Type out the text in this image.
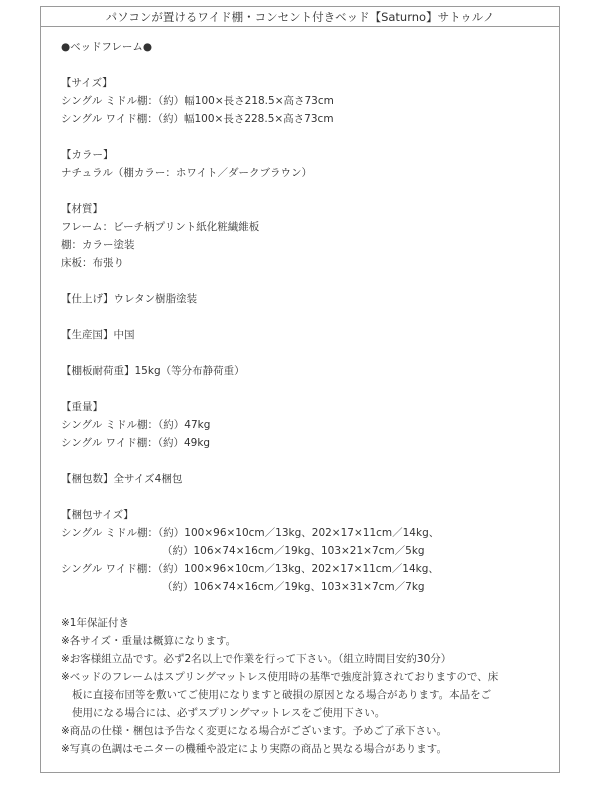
パソコンが置けるワイド棚・コンセント付きベッド【Saturno】サトゥルノ
●ベッドフレーム●
【サイズ】
シングル ミドル棚：（約）幅100×長さ218.5×高さ73cm
シングル ワイド棚：（約）幅100×長さ228.5×高さ73cm
【カラー】
ナチュラル（棚カラー：ホワイト／ダークブラウン）
【材質】
フレーム：ビーチ柄プリント紙化粧繊維板
棚：カラー塗装
床板：布張り
【仕上げ】ウレタン樹脂塗装
【生産国】中国
【棚板耐荷重】15kg（等分布静荷重）
【重量】
シングル ミドル棚：（約）47kg
シングル ワイド棚：（約）49kg
【梱包数】全サイズ4梱包
【梱包サイズ】
シングル ミドル棚：（約）100×96×10cm／13kg、202×17×11cm／14kg、
（約）106×74×16cm／19kg、103×21×7cm／5kg
シングル ワイド棚：（約）100×96×10cm／13kg、202×17×11cm／14kg、
（約）106×74×16cm／19kg、103×31×7cm／7kg
※1年保証付き
※各サイズ・重量は概算になります。
※お客様組立品です。必ず2名以上で作業を行って下さい。（組立時間目安約30分）
※ベッドのフレームはスプリングマットレス使用時の基準で強度計算されておりますので、床
板に直接布団等を敷いてご使用になりますと破損の原因となる場合があります。本品をご
使用になる場合には、必ずスプリングマットレスをご使用下さい。
※商品の仕様・梱包は予告なく変更になる場合がございます。予めご了承下さい。
※写真の色調はモニターの機種や設定により実際の商品と異なる場合があります。
